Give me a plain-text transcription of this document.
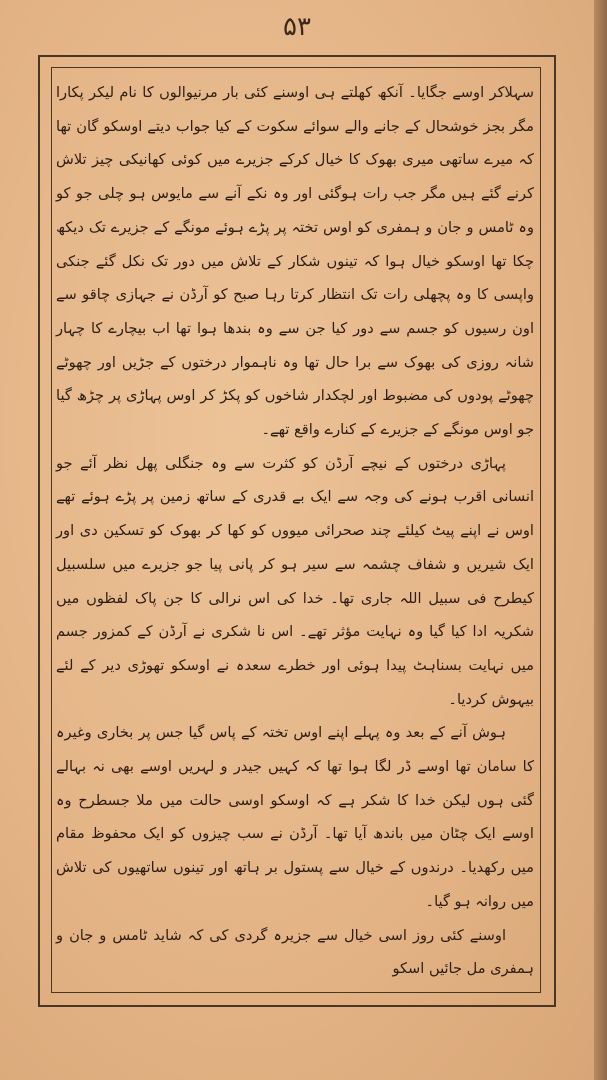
۵۳

سہلاکر اوسے جگایا۔ آنکھ کھلتے ہی اوسنے کئی بار مرنیوالوں کا نام لیکر پکارا مگر بجز خوشحال کے جانے والے سوائے سکوت کے کیا جواب دیتے اوسکو گان تھا کہ میرے ساتھی میری بھوک کا خیال کرکے جزیرے میں کوئی کھانیکی چیز تلاش کرنے گئے ہیں مگر جب رات ہوگئی اور وہ نکے آنے سے مایوس ہو چلی جو کو وہ ٹامس و جان و ہمفری کو اوس تختہ پر پڑے ہوئے مونگے کے جزیرے تک دیکھ چکا تھا اوسکو خیال ہوا کہ تینوں شکار کے تلاش میں دور تک نکل گئے جنکی واپسی کا وہ پچھلی رات تک انتظار کرتا رہا صبح کو آرڈن نے جہازی چاقو سے اون رسیوں کو جسم سے دور کیا جن سے وہ بندھا ہوا تھا اب بیچارے کا چہار شانہ روزی کی بھوک سے برا حال تھا وہ ناہموار درختوں کے جڑیں اور چھوٹے چھوٹے پودوں کی مضبوط اور لچکدار شاخوں کو پکڑ کر اوس پہاڑی پر چڑھ گیا جو اوس مونگے کے جزیرے کے کنارے واقع تھے۔

پہاڑی درختوں کے نیچے آرڈن کو کثرت سے وہ جنگلی پھل نظر آئے جو انسانی اقرب ہونے کی وجہ سے ایک بے قدری کے ساتھ زمین پر پڑے ہوئے تھے اوس نے اپنے پیٹ کیلئے چند صحرائی میووں کو کھا کر بھوک کو تسکین دی اور ایک شیریں و شفاف چشمہ سے سیر ہو کر پانی پیا جو جزیرے میں سلسبیل کیطرح فی سبیل اللہ جاری تھا۔ خدا کی اس نرالی کا جن پاک لفظوں میں شکریہ ادا کیا گیا وہ نہایت مؤثر تھے۔ اس نا شکری نے آرڈن کے کمزور جسم میں نہایت بسناہٹ پیدا ہوئی اور خطرے سعدہ نے اوسکو تھوڑی دیر کے لئے بیہوش کردیا۔

ہوش آنے کے بعد وہ پہلے اپنے اوس تختہ کے پاس گیا جس پر بخاری وغیرہ کا سامان تھا اوسے ڈر لگا ہوا تھا کہ کہیں جیدر و لہریں اوسے بھی نہ بہالے گئی ہوں لیکن خدا کا شکر ہے کہ اوسکو اوسی حالت میں ملا جسطرح وہ اوسے ایک چٹان میں باندھ آیا تھا۔ آرڈن نے سب چیزوں کو ایک محفوظ مقام میں رکھدیا۔ درندوں کے خیال سے پستول بر ہاتھ اور تینوں ساتھیوں کی تلاش میں روانہ ہو گیا۔

اوسنے کئی روز اسی خیال سے جزیرہ گردی کی کہ شاید ٹامس و جان و ہمفری مل جائیں اسکو
